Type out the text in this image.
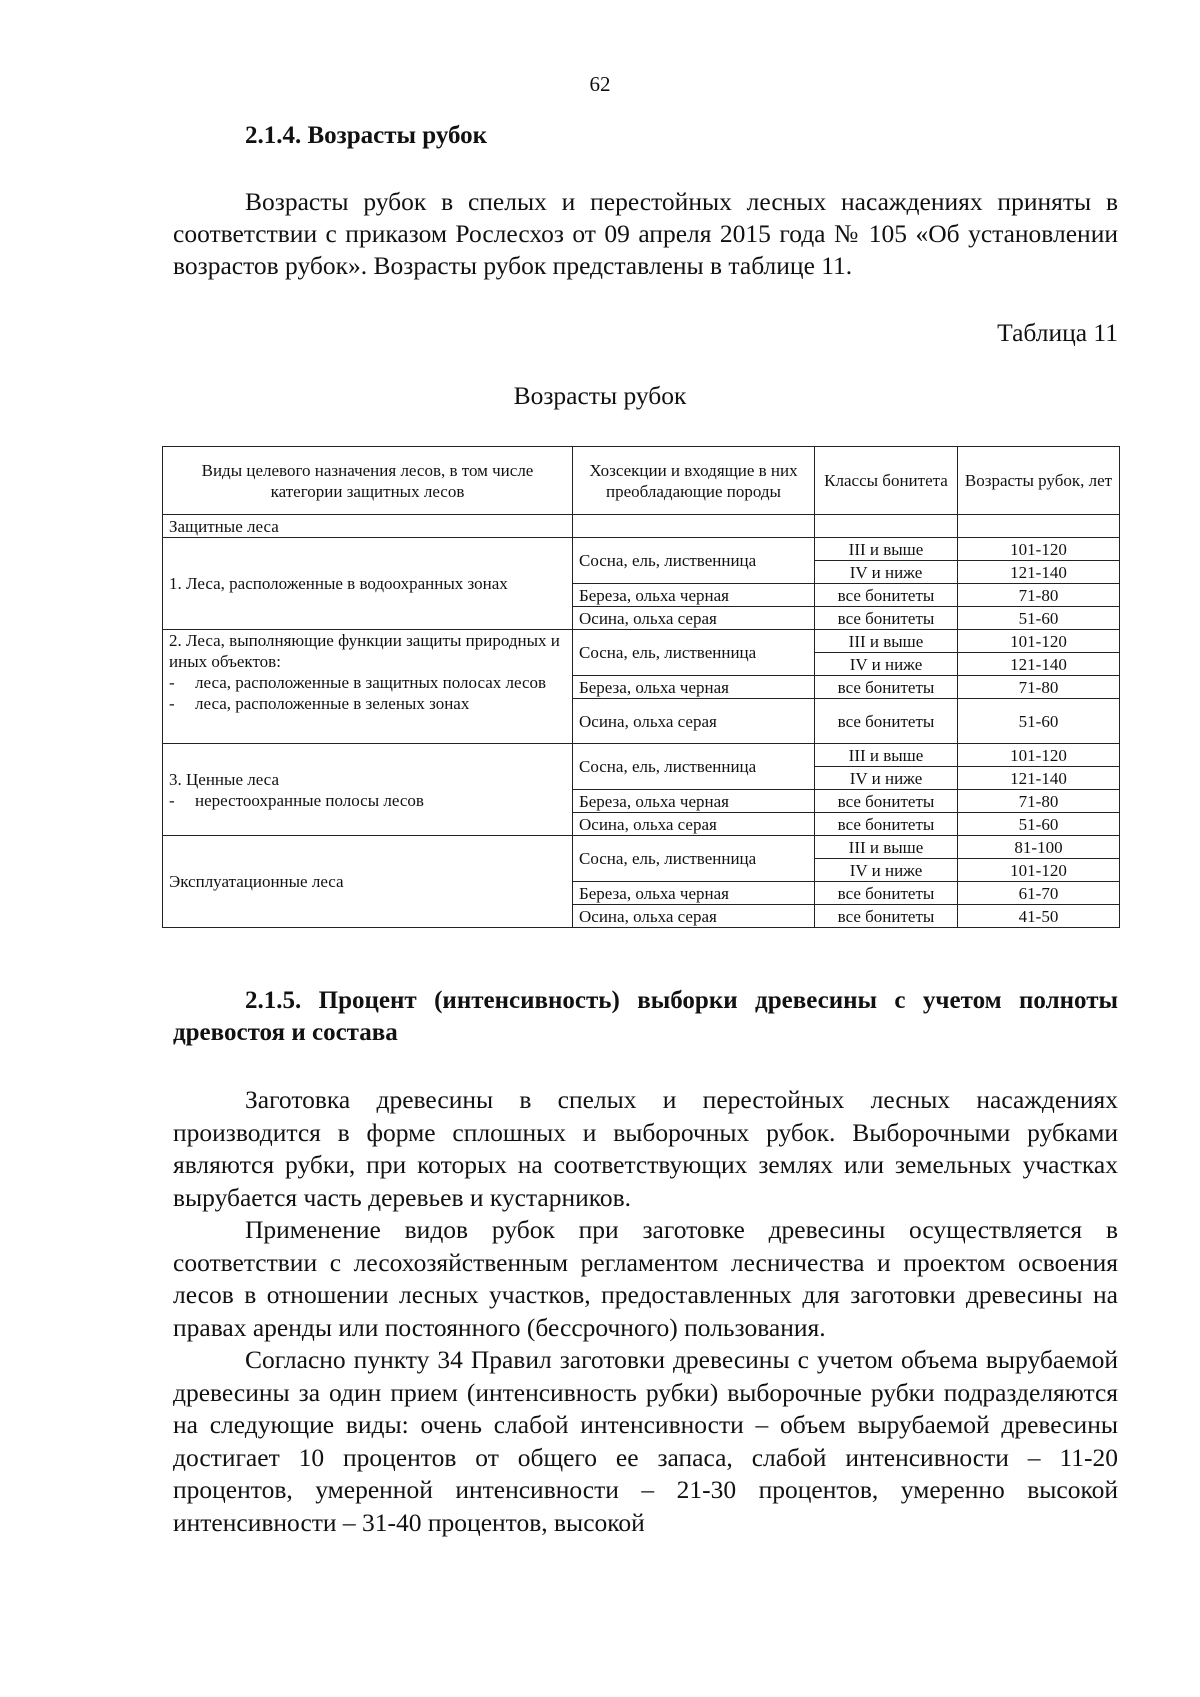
62
2.1.4. Возрасты рубок
Возрасты рубок в спелых и перестойных лесных насаждениях приняты в соответствии с приказом Рослесхоз от 09 апреля 2015 года № 105 «Об установлении возрастов рубок». Возрасты рубок представлены в таблице 11.
Таблица 11
Возрасты рубок
Виды целевого назначения лесов, в том числе категории защитных лесов	Хозсекции и входящие в них преобладающие породы	Классы бонитета	Возрасты рубок, лет
Защитные леса			
1. Леса, расположенные в водоохранных зонах	Сосна, ель, лиственница	III и выше	101-120
		IV и ниже	121-140
	Береза, ольха черная	все бонитеты	71-80
	Осина, ольха серая	все бонитеты	51-60

2. Леса, выполняющие функции защиты природных и иных объектов:
- леса, расположенные в защитных полосах лесов
- леса, расположенные в зеленых зонах	Сосна, ель, лиственница	III и выше	101-120
		IV и ниже	121-140
	Береза, ольха черная	все бонитеты	71-80
	Осина, ольха серая	все бонитеты	51-60

3. Ценные леса
- нерестоохранные полосы лесов	Сосна, ель, лиственница	III и выше	101-120
		IV и ниже	121-140
	Береза, ольха черная	все бонитеты	71-80
	Осина, ольха серая	все бонитеты	51-60
Эксплуатационные леса	Сосна, ель, лиственница	III и выше	81-100
		IV и ниже	101-120
	Береза, ольха черная	все бонитеты	61-70
	Осина, ольха серая	все бонитеты	41-50
2.1.5. Процент (интенсивность) выборки древесины с учетом полноты древостоя и состава

Заготовка древесины в спелых и перестойных лесных насаждениях производится в форме сплошных и выборочных рубок. Выборочными рубками являются рубки, при которых на соответствующих землях или земельных участках вырубается часть деревьев и кустарников.

Применение видов рубок при заготовке древесины осуществляется в соответствии с лесохозяйственным регламентом лесничества и проектом освоения лесов в отношении лесных участков, предоставленных для заготовки древесины на правах аренды или постоянного (бессрочного) пользования.

Согласно пункту 34 Правил заготовки древесины с учетом объема вырубаемой древесины за один прием (интенсивность рубки) выборочные рубки подразделяются на следующие виды: очень слабой интенсивности – объем вырубаемой древесины достигает 10 процентов от общего ее запаса, слабой интенсивности – 11-20 процентов, умеренной интенсивности – 21-30 процентов, умеренно высокой интенсивности – 31-40 процентов, высокой
